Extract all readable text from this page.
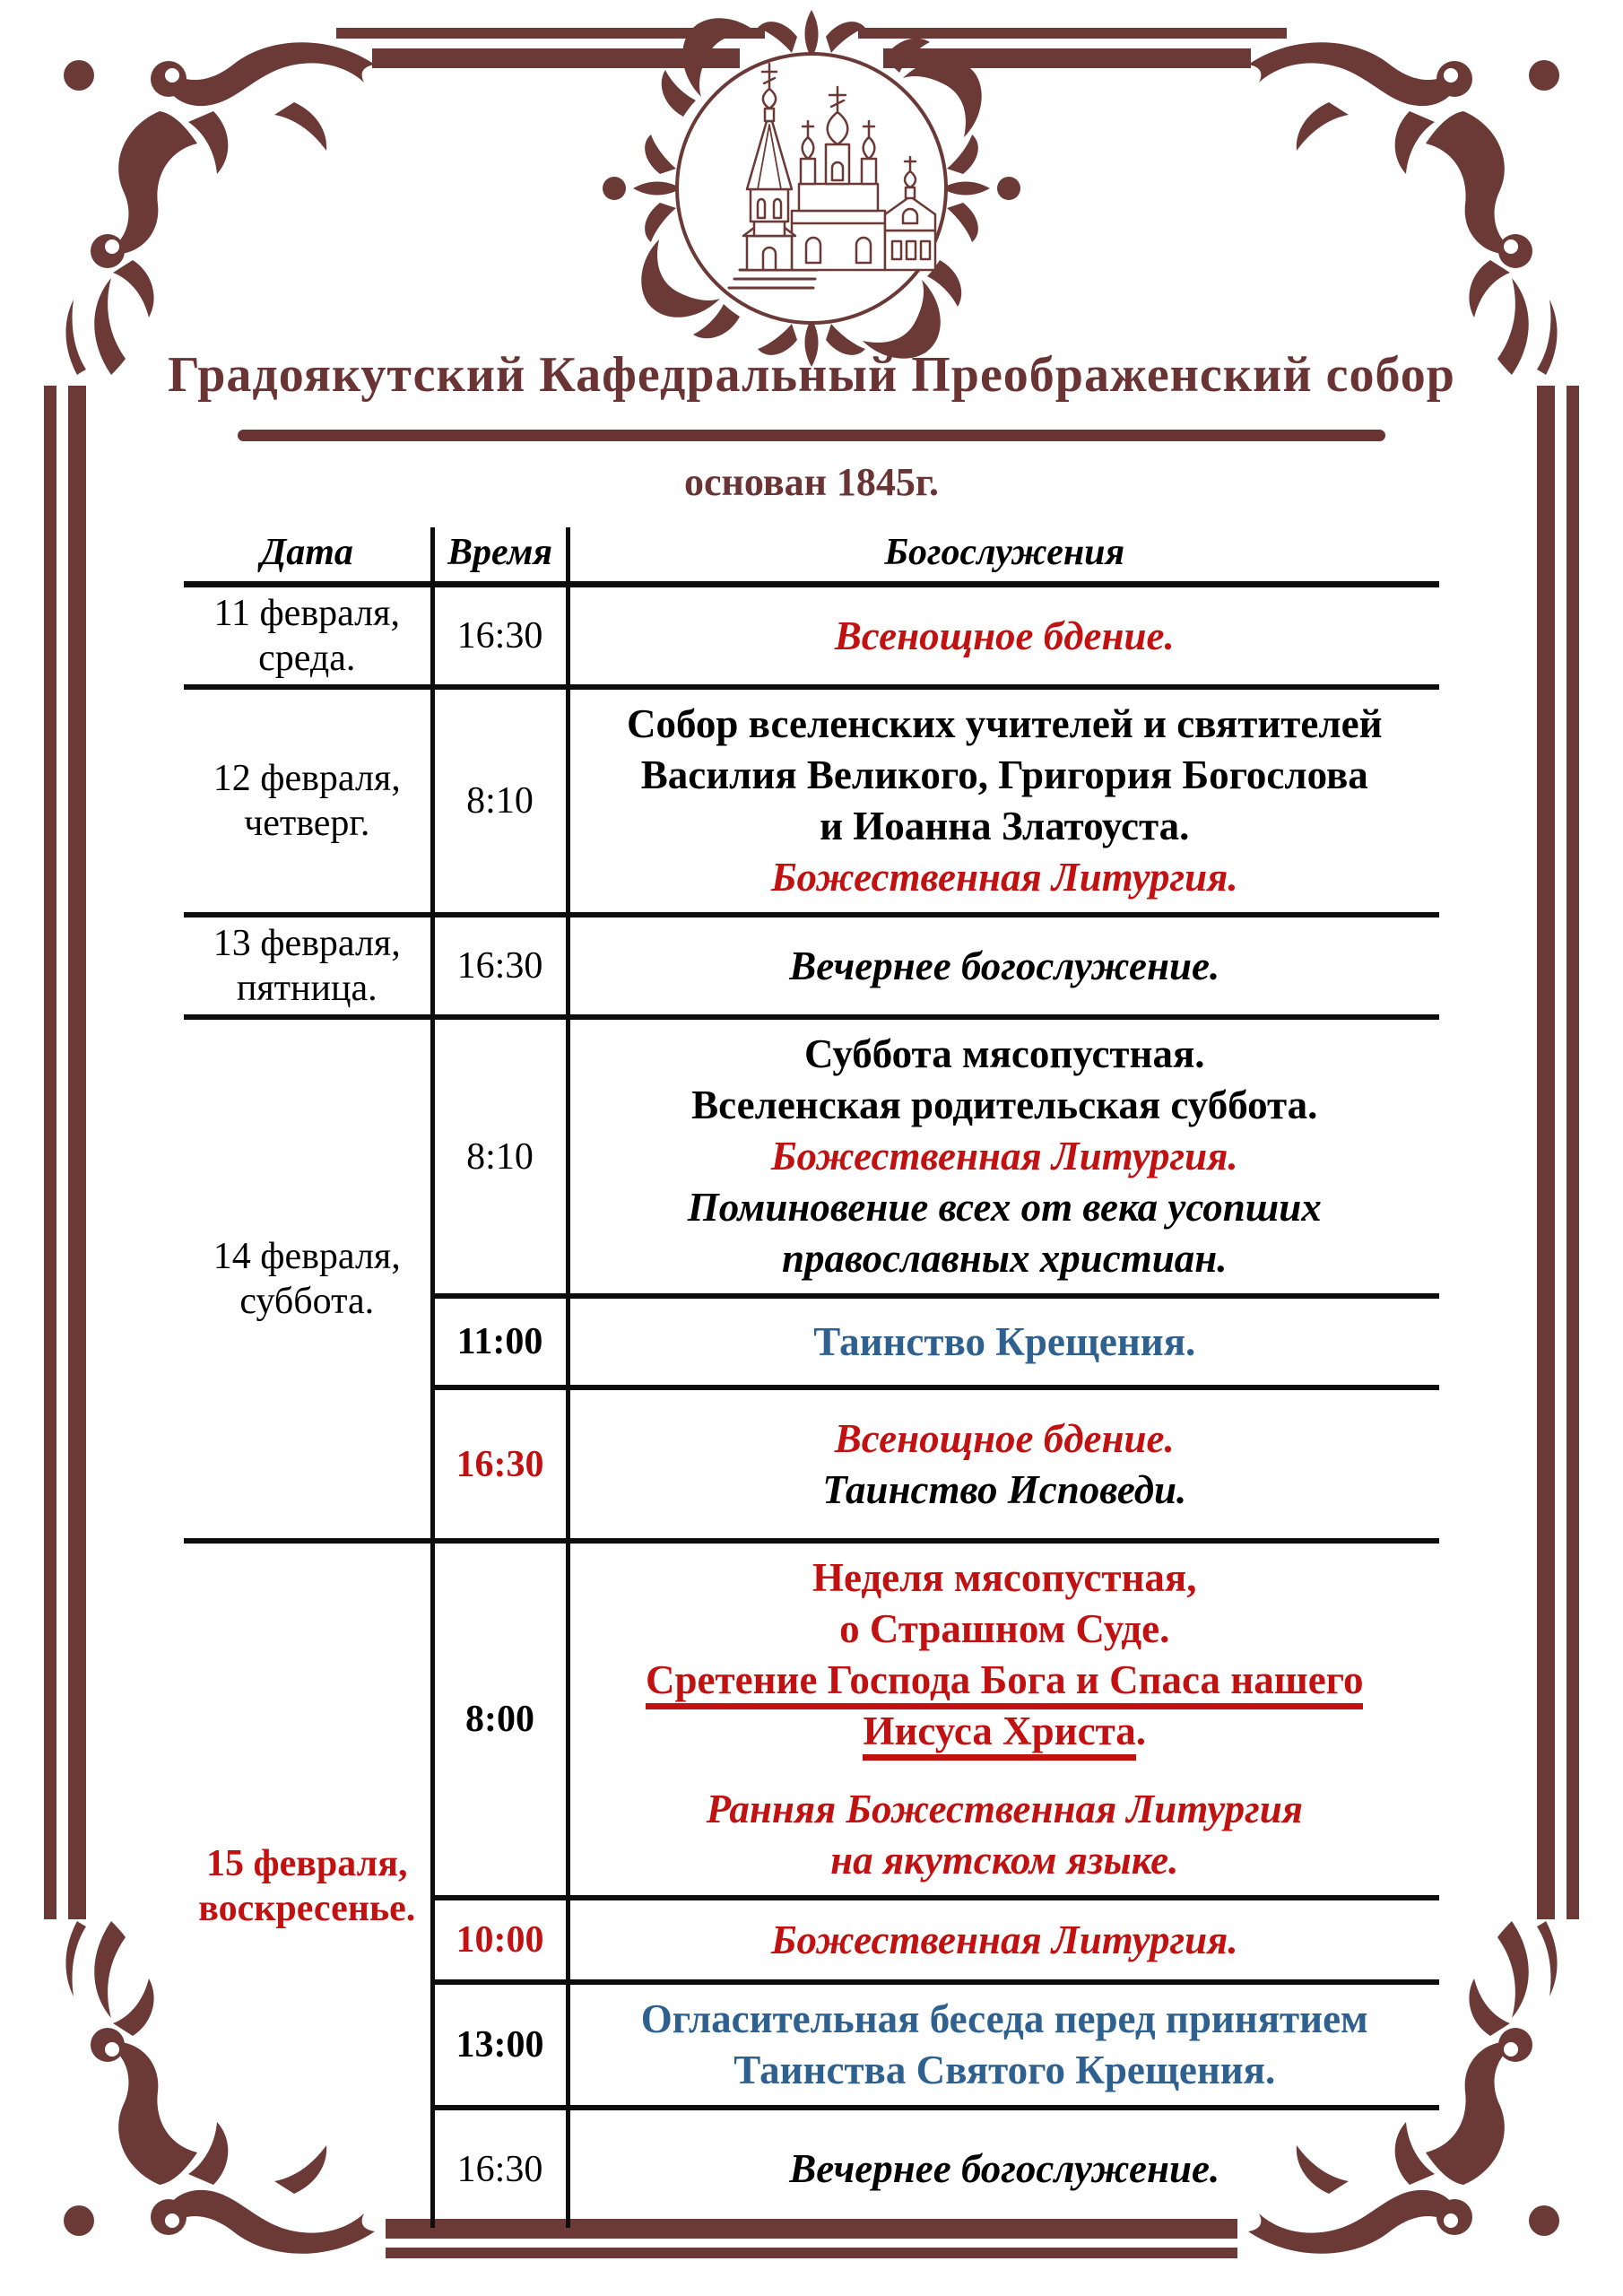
Градоякутский Кафедральный Преображенский собор
основан 1845г.
Дата	Время	Богослужения

11 февраля,
среда.	16:30	Всенощное бдение.

12 февраля,
четверг.
	8:10	
Собор вселенских учителей и святителей
Василия Великого, Григория Богослова
и Иоанна Златоуста.
Божественная Литургия.

13 февраля,
пятница.	16:30	Вечернее богослужение.

14 февраля,
суббота.
	8:10	
Суббота мясопустная.
Вселенская родительская суббота.
Божественная Литургия.
Поминовение всех от века усопших
православных христиан.

	11:00	Таинство Крещения.

	16:30	Всенощное бдение.
Таинство Исповеди.

15 февраля,
воскресенье.
	8:00	
Неделя мясопустная,
о Страшном Суде.
Сретение Господа Бога и Спаса нашего
Иисуса Христа.
Ранняя Божественная Литургия
на якутском языке.

	10:00	Божественная Литургия.

	13:00	Огласительная беседа перед принятием
Таинства Святого Крещения.

	16:30	Вечернее богослужение.
